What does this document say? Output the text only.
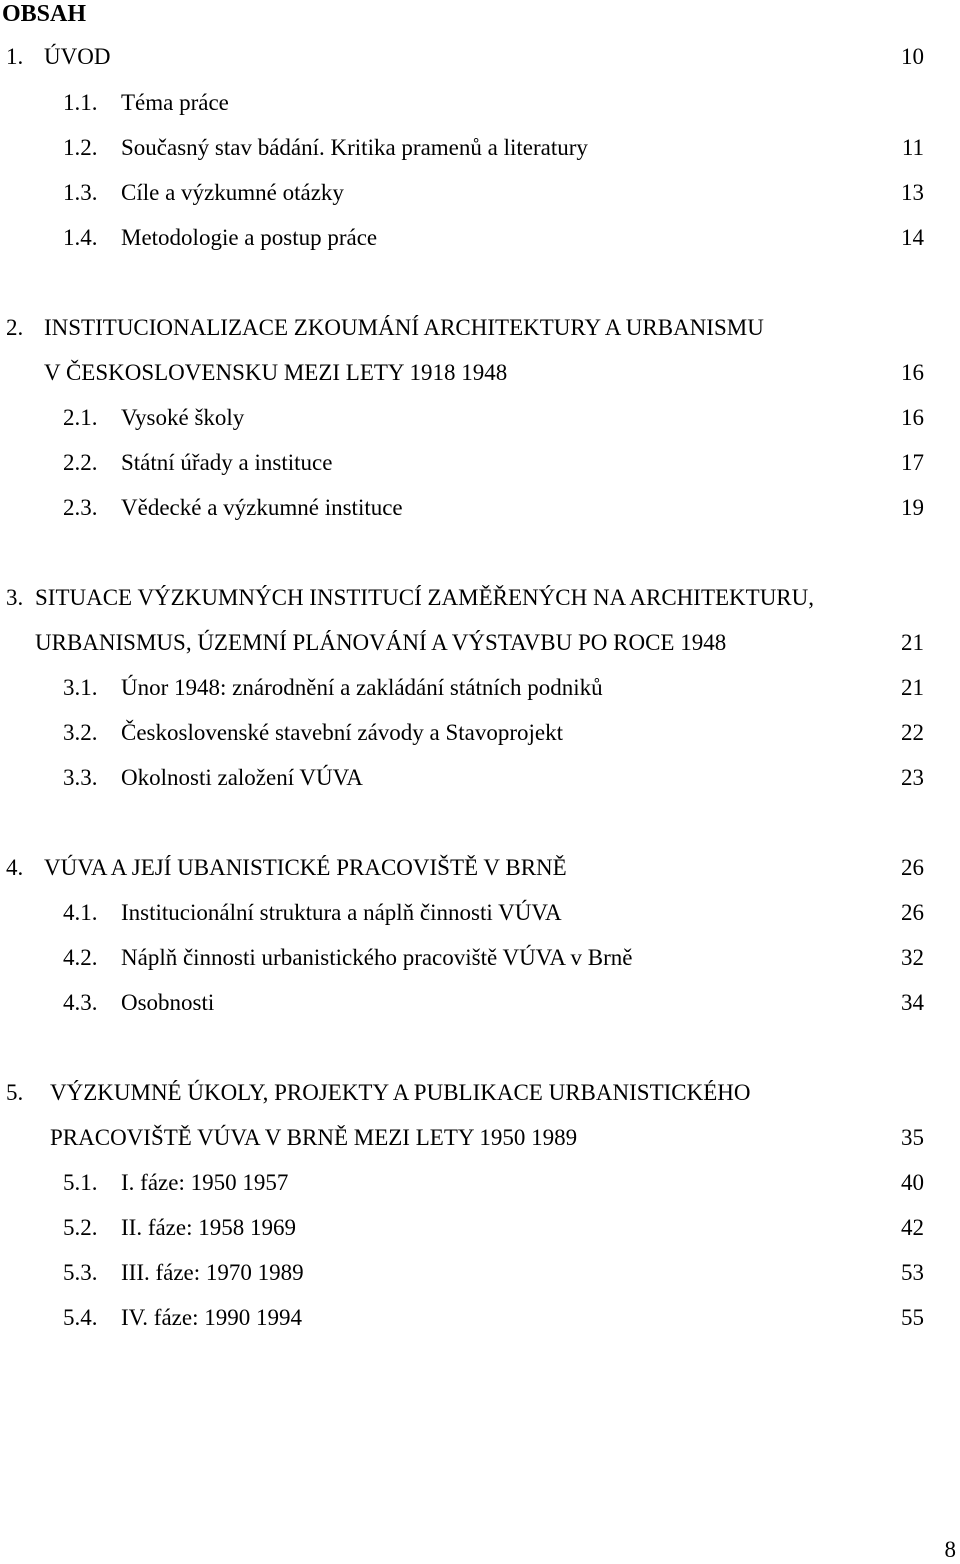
OBSAH
1. ÚVOD	10
1.1. Téma práce
1.2. Současný stav bádání. Kritika pramenů a literatury	11
1.3. Cíle a výzkumné otázky	13
1.4. Metodologie a postup práce	14
2. INSTITUCIONALIZACE ZKOUMÁNÍ ARCHITEKTURY A URBANISMU
V ČESKOSLOVENSKU MEZI LETY 1918 1948	16
2.1. Vysoké školy	16
2.2. Státní úřady a instituce	17
2.3. Vědecké a výzkumné instituce	19
3. SITUACE VÝZKUMNÝCH INSTITUCÍ ZAMĚŘENÝCH NA ARCHITEKTURU,
URBANISMUS, ÚZEMNÍ PLÁNOVÁNÍ A VÝSTAVBU PO ROCE 1948	21
3.1. Únor 1948: znárodnění a zakládání státních podniků	21
3.2. Československé stavební závody a Stavoprojekt	22
3.3. Okolnosti založení VÚVA	23
4. VÚVA A JEJÍ UBANISTICKÉ PRACOVIŠTĚ V BRNĚ	26
4.1. Institucionální struktura a náplň činnosti VÚVA	26
4.2. Náplň činnosti urbanistického pracoviště VÚVA v Brně	32
4.3. Osobnosti	34
5. VÝZKUMNÉ ÚKOLY, PROJEKTY A PUBLIKACE URBANISTICKÉHO
PRACOVIŠTĚ VÚVA V BRNĚ MEZI LETY 1950 1989	35
5.1. I. fáze: 1950 1957	40
5.2. II. fáze: 1958 1969	42
5.3. III. fáze: 1970 1989	53
5.4. IV. fáze: 1990 1994	55
8
